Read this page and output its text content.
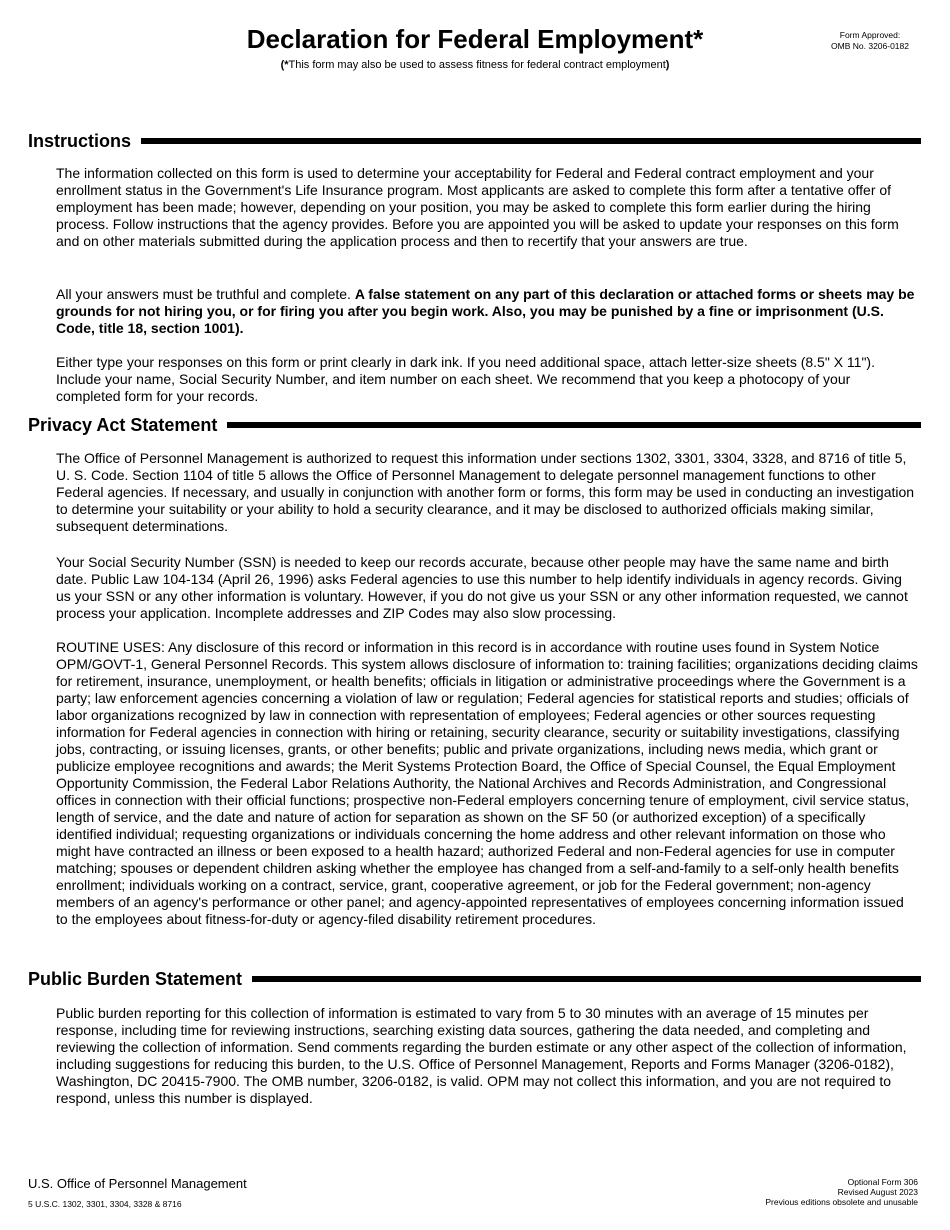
Declaration for Federal Employment*
(*This form may also be used to assess fitness for federal contract employment)
Form Approved:
OMB No. 3206-0182
Instructions

The information collected on this form is used to determine your acceptability for Federal and Federal contract employment and your enrollment status in the Government's Life Insurance program. Most applicants are asked to complete this form after a tentative offer of employment has been made; however, depending on your position, you may be asked to complete this form earlier during the hiring process. Follow instructions that the agency provides. Before you are appointed you will be asked to update your responses on this form and on other materials submitted during the application process and then to recertify that your answers are true.

All your answers must be truthful and complete. A false statement on any part of this declaration or attached forms or sheets may be grounds for not hiring you, or for firing you after you begin work. Also, you may be punished by a fine or imprisonment (U.S. Code, title 18, section 1001).

Either type your responses on this form or print clearly in dark ink. If you need additional space, attach letter-size sheets (8.5" X 11"). Include your name, Social Security Number, and item number on each sheet. We recommend that you keep a photocopy of your completed form for your records.

Privacy Act Statement

The Office of Personnel Management is authorized to request this information under sections 1302, 3301, 3304, 3328, and 8716 of title 5, U. S. Code. Section 1104 of title 5 allows the Office of Personnel Management to delegate personnel management functions to other Federal agencies. If necessary, and usually in conjunction with another form or forms, this form may be used in conducting an investigation to determine your suitability or your ability to hold a security clearance, and it may be disclosed to authorized officials making similar, subsequent determinations.

Your Social Security Number (SSN) is needed to keep our records accurate, because other people may have the same name and birth date. Public Law 104-134 (April 26, 1996) asks Federal agencies to use this number to help identify individuals in agency records. Giving us your SSN or any other information is voluntary. However, if you do not give us your SSN or any other information requested, we cannot process your application. Incomplete addresses and ZIP Codes may also slow processing.

ROUTINE USES: Any disclosure of this record or information in this record is in accordance with routine uses found in System Notice OPM/GOVT-1, General Personnel Records. This system allows disclosure of information to: training facilities; organizations deciding claims for retirement, insurance, unemployment, or health benefits; officials in litigation or administrative proceedings where the Government is a party; law enforcement agencies concerning a violation of law or regulation; Federal agencies for statistical reports and studies; officials of labor organizations recognized by law in connection with representation of employees; Federal agencies or other sources requesting information for Federal agencies in connection with hiring or retaining, security clearance, security or suitability investigations, classifying jobs, contracting, or issuing licenses, grants, or other benefits; public and private organizations, including news media, which grant or publicize employee recognitions and awards; the Merit Systems Protection Board, the Office of Special Counsel, the Equal Employment Opportunity Commission, the Federal Labor Relations Authority, the National Archives and Records Administration, and Congressional offices in connection with their official functions; prospective non-Federal employers concerning tenure of employment, civil service status, length of service, and the date and nature of action for separation as shown on the SF 50 (or authorized exception) of a specifically identified individual; requesting organizations or individuals concerning the home address and other relevant information on those who might have contracted an illness or been exposed to a health hazard; authorized Federal and non-Federal agencies for use in computer matching; spouses or dependent children asking whether the employee has changed from a self-and-family to a self-only health benefits enrollment; individuals working on a contract, service, grant, cooperative agreement, or job for the Federal government; non-agency members of an agency's performance or other panel; and agency-appointed representatives of employees concerning information issued to the employees about fitness-for-duty or agency-filed disability retirement procedures.

Public Burden Statement

Public burden reporting for this collection of information is estimated to vary from 5 to 30 minutes with an average of 15 minutes per response, including time for reviewing instructions, searching existing data sources, gathering the data needed, and completing and reviewing the collection of information. Send comments regarding the burden estimate or any other aspect of the collection of information, including suggestions for reducing this burden, to the U.S. Office of Personnel Management, Reports and Forms Manager (3206-0182), Washington, DC 20415-7900. The OMB number, 3206-0182, is valid. OPM may not collect this information, and you are not required to respond, unless this number is displayed.

U.S. Office of Personnel Management
5 U.S.C. 1302, 3301, 3304, 3328 & 8716
Optional Form 306
Revised August 2023
Previous editions obsolete and unusable
